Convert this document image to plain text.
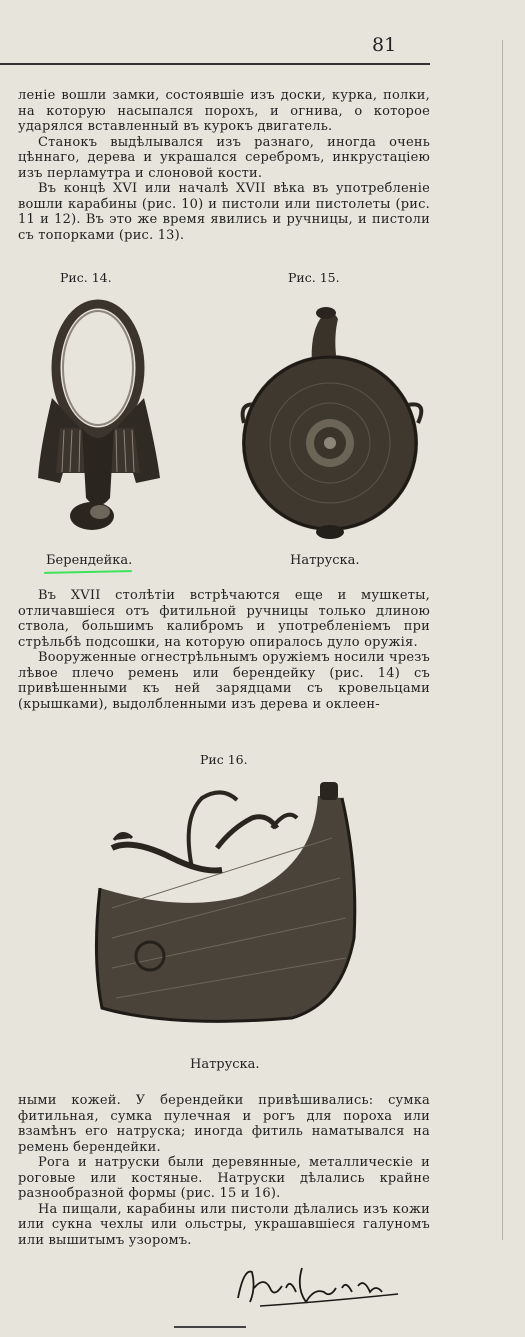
81

леніе вошли замки, состоявшіе изъ доски, курка, полки, на которую насыпался порохъ, и огнива, о которое ударялся вставленный въ курокъ двигатель.

Станокъ выдѣлывался изъ разнаго, иногда очень цѣннаго, дерева и украшался серебромъ, инкрустаціею изъ перламутра и слоновой кости.

Въ концѣ XVI или началѣ XVII вѣка въ употребленіе вошли карабины (рис. 10) и пистоли или пистолеты (рис. 11 и 12). Въ это же время явились и ручницы, и пистоли съ топорками (рис. 13).

Рис. 14.	Рис. 15.
Берендейка.	Натруска.

Въ XVII столѣтіи встрѣчаются еще и мушкеты, отличавшіеся отъ фитильной ручницы только длиною ствола, большимъ калибромъ и употребленіемъ при стрѣльбѣ подсошки, на которую опиралось дуло оружія.

Вооруженные огнестрѣльнымъ оружіемъ носили чрезъ лѣвое плечо ремень или берендейку (рис. 14) съ привѣшенными къ ней зарядцами съ кровельцами (крышками), выдолбленными изъ дерева и оклеен-

Рис 16.
Натруска.

ными кожей. У берендейки привѣшивались: сумка фитильная, сумка пулечная и рогъ для пороха или взамѣнъ его натруска; иногда фитиль наматывался на ремень берендейки.

Рога и натруски были деревянные, металлическіе и роговые или костяные. Натруски дѣлались крайне разнообразной формы (рис. 15 и 16).

На пищали, карабины или пистоли дѣлались изъ кожи или сукна чехлы или ольстры, украшавшіеся галуномъ или вышитымъ узоромъ.
